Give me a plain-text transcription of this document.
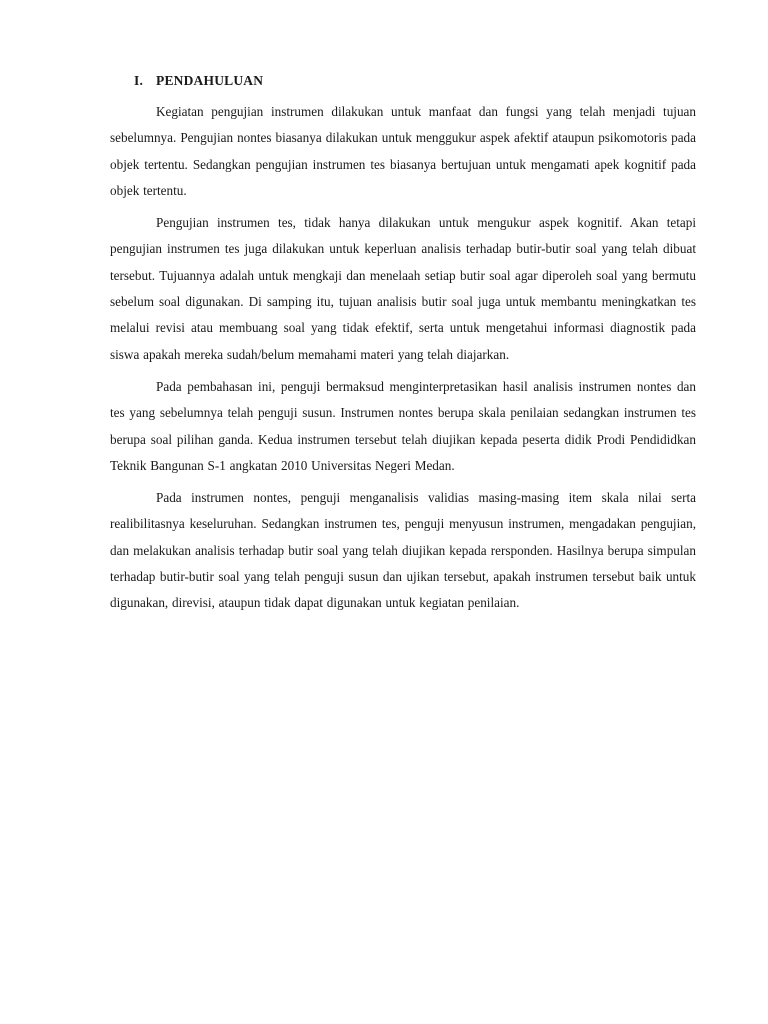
I. PENDAHULUAN

Kegiatan pengujian instrumen dilakukan untuk manfaat dan fungsi yang telah menjadi tujuan sebelumnya. Pengujian nontes biasanya dilakukan untuk menggukur aspek afektif ataupun psikomotoris pada objek tertentu. Sedangkan pengujian instrumen tes biasanya bertujuan untuk mengamati apek kognitif pada objek tertentu.

Pengujian instrumen tes, tidak hanya dilakukan untuk mengukur aspek kognitif. Akan tetapi pengujian instrumen tes juga dilakukan untuk keperluan analisis terhadap butir-butir soal yang telah dibuat tersebut. Tujuannya adalah untuk mengkaji dan menelaah setiap butir soal agar diperoleh soal yang bermutu sebelum soal digunakan. Di samping itu, tujuan analisis butir soal juga untuk membantu meningkatkan tes melalui revisi atau membuang soal yang tidak efektif, serta untuk mengetahui informasi diagnostik pada siswa apakah mereka sudah/belum memahami materi yang telah diajarkan.

Pada pembahasan ini, penguji bermaksud menginterpretasikan hasil analisis instrumen nontes dan tes yang sebelumnya telah penguji susun. Instrumen nontes berupa skala penilaian sedangkan instrumen tes berupa soal pilihan ganda. Kedua instrumen tersebut telah diujikan kepada peserta didik Prodi Pendididkan Teknik Bangunan S-1 angkatan 2010 Universitas Negeri Medan.

Pada instrumen nontes, penguji menganalisis validias masing-masing item skala nilai serta realibilitasnya keseluruhan. Sedangkan instrumen tes, penguji menyusun instrumen, mengadakan pengujian, dan melakukan analisis terhadap butir soal yang telah diujikan kepada rersponden. Hasilnya berupa simpulan terhadap butir-butir soal yang telah penguji susun dan ujikan tersebut, apakah instrumen tersebut baik untuk digunakan, direvisi, ataupun tidak dapat digunakan untuk kegiatan penilaian.
